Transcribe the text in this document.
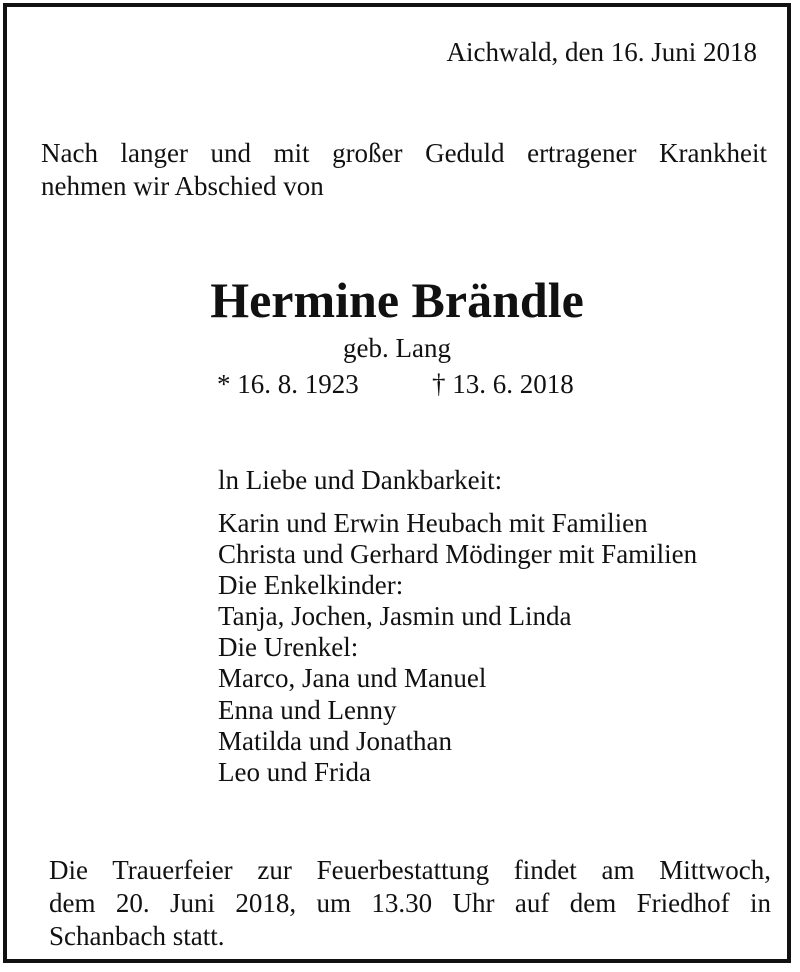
Aichwald, den 16. Juni 2018
Nach langer und mit großer Geduld ertragener Krankheit
nehmen wir Abschied von
Hermine Brändle
geb. Lang
* 16. 8. 1923	† 13. 6. 2018
ln Liebe und Dankbarkeit:
Karin und Erwin Heubach mit Familien
Christa und Gerhard Mödinger mit Familien
Die Enkelkinder:
Tanja, Jochen, Jasmin und Linda
Die Urenkel:
Marco, Jana und Manuel
Enna und Lenny
Matilda und Jonathan
Leo und Frida
Die Trauerfeier zur Feuerbestattung findet am Mittwoch,
dem 20. Juni 2018, um 13.30 Uhr auf dem Friedhof in
Schanbach statt.
